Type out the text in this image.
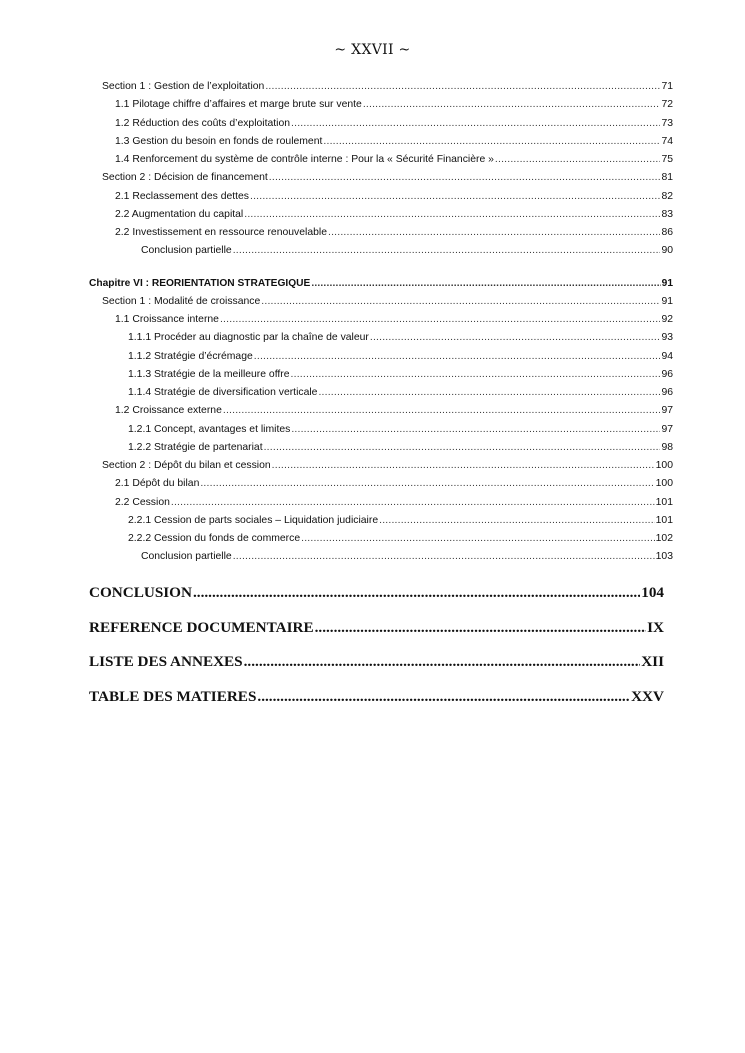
~ XXVII ~
Section 1 : Gestion de l’exploitation .....	71
1.1 Pilotage chiffre d’affaires et marge brute sur vente .....	72
1.2 Réduction des coûts d’exploitation .....	73
1.3 Gestion du besoin en fonds de roulement .....	74
1.4 Renforcement du système de contrôle interne : Pour la « Sécurité Financière » .....	75
Section 2 : Décision de financement .....	81
2.1 Reclassement des dettes .....	82
2.2 Augmentation du capital .....	83
2.2 Investissement en ressource renouvelable .....	86
Conclusion partielle .....	90
Chapitre VI : REORIENTATION STRATEGIQUE .....	91
Section 1 : Modalité de croissance .....	91
1.1 Croissance interne .....	92
1.1.1 Procéder au diagnostic par la chaîne de valeur .....	93
1.1.2 Stratégie d’écrémage .....	94
1.1.3 Stratégie de la meilleure offre .....	96
1.1.4 Stratégie de diversification verticale .....	96
1.2 Croissance externe .....	97
1.2.1 Concept, avantages et limites .....	97
1.2.2 Stratégie de partenariat .....	98
Section 2 : Dépôt du bilan et cession .....	100
2.1 Dépôt du bilan .....	100
2.2 Cession .....	101
2.2.1 Cession de parts sociales – Liquidation judiciaire .....	101
2.2.2 Cession du fonds de commerce .....	102
Conclusion partielle .....	103
CONCLUSION .....	104
REFERENCE DOCUMENTAIRE .....	IX
LISTE DES ANNEXES .....	XII
TABLE DES MATIERES .....	XXV
